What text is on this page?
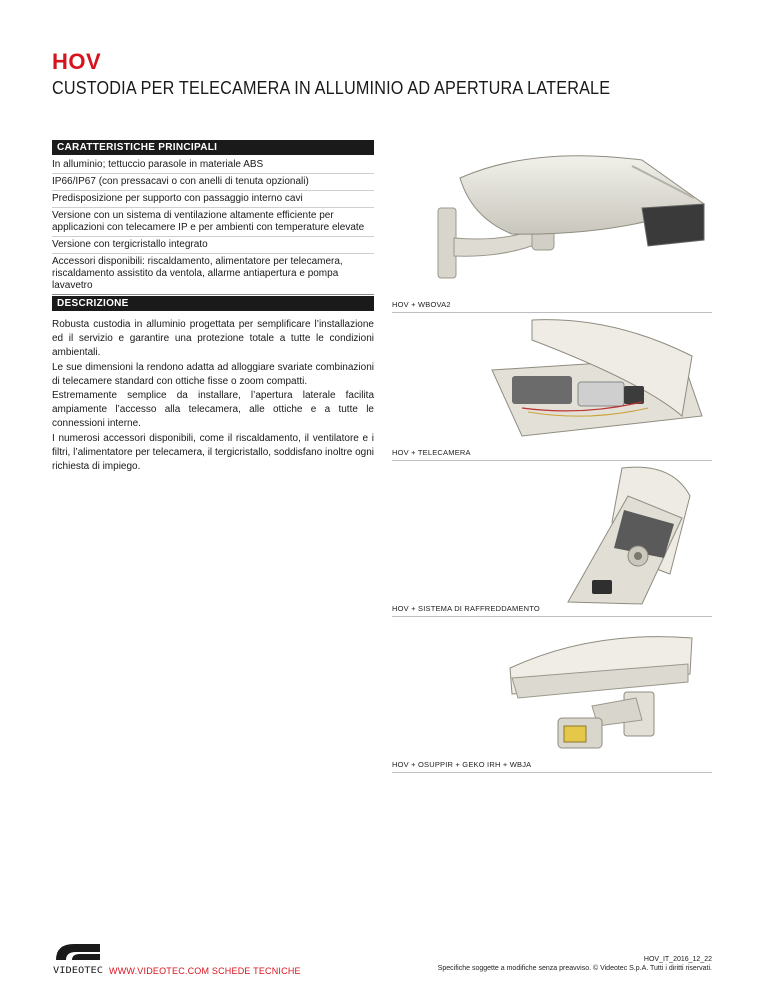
HOV
CUSTODIA PER TELECAMERA IN ALLUMINIO AD APERTURA LATERALE
CARATTERISTICHE PRINCIPALI
In alluminio; tettuccio parasole in materiale ABS
IP66/IP67 (con pressacavi o con anelli di tenuta opzionali)
Predisposizione per supporto con passaggio interno cavi
Versione con un sistema di ventilazione altamente efficiente per applicazioni con telecamere IP e per ambienti con temperature elevate
Versione con tergicristallo integrato
Accessori disponibili: riscaldamento, alimentatore per telecamera, riscaldamento assistito da ventola, allarme antiapertura e pompa lavavetro
DESCRIZIONE

Robusta custodia in alluminio progettata per semplificare l’installazione ed il servizio e garantire una protezione totale a tutte le condizioni ambientali.

Le sue dimensioni la rendono adatta ad alloggiare svariate combinazioni di telecamere standard con ottiche fisse o zoom compatti.

Estremamente semplice da installare, l’apertura laterale facilita ampiamente l’accesso alla telecamera, alle ottiche e a tutte le connessioni interne.

I numerosi accessori disponibili, come il riscaldamento, il ventilatore e i filtri, l’alimentatore per telecamera, il tergicristallo, soddisfano inoltre ogni richiesta di impiego.

HOV + WBOVA2
HOV + TELECAMERA
HOV + SISTEMA DI RAFFREDDAMENTO
HOV + OSUPPIR + GEKO IRH + WBJA
VIDEOTEC WWW.VIDEOTEC.COM SCHEDE TECNICHE
HOV_IT_2016_12_22
Specifiche soggette a modifiche senza preavviso. © Videotec S.p.A. Tutti i diritti riservati.
